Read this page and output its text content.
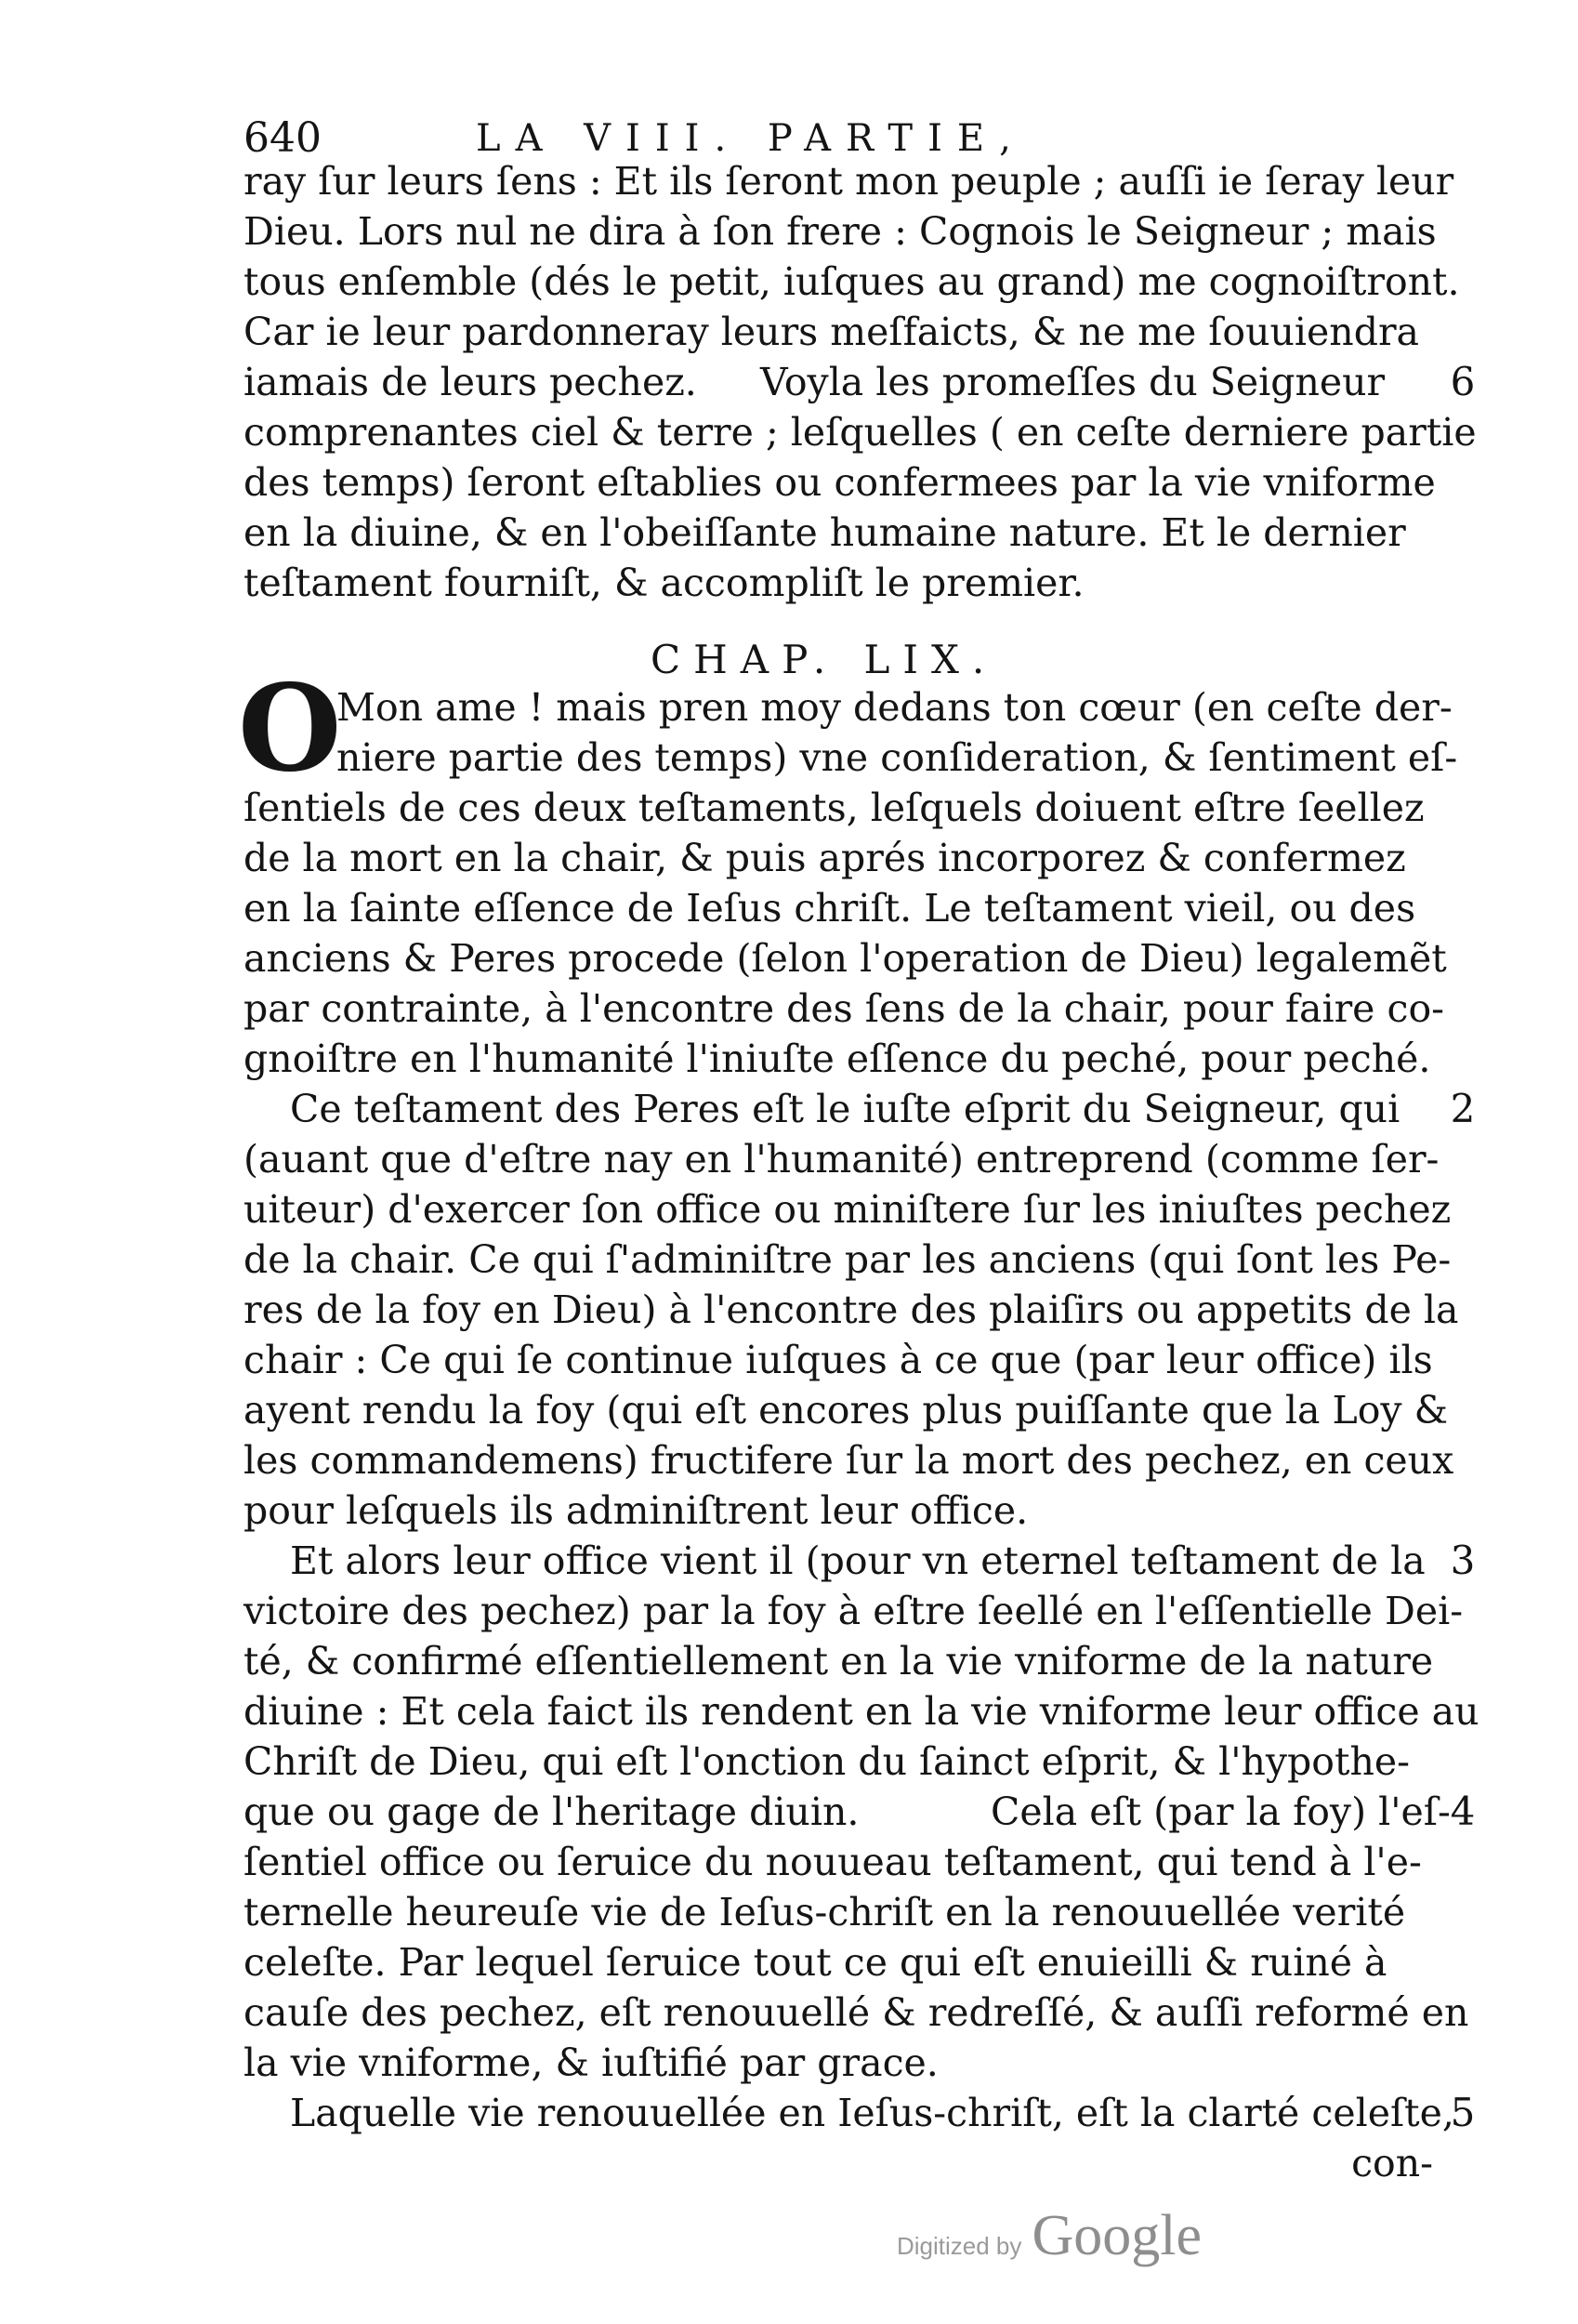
640	LA VIII. PARTIE,
ray ſur leurs ſens : Et ils ſeront mon peuple ; auſſi ie ſeray leur
Dieu. Lors nul ne dira à ſon frere : Cognois le Seigneur ; mais
tous enſemble (dés le petit, iuſques au grand) me cognoiſtront.
Car ie leur pardonneray leurs meſfaicts, & ne me ſouuiendra
iamais de leurs pechez. Voyla les promeſſes du Seigneur	6
comprenantes ciel & terre ; leſquelles ( en ceſte derniere partie
des temps) ſeront eſtablies ou confermees par la vie vniforme
en la diuine, & en l'obeiſſante humaine nature. Et le dernier
teſtament fourniſt, & accompliſt le premier.
CHAP. LIX.
O
Mon ame ! mais pren moy dedans ton cœur (en ceſte der-
niere partie des temps) vne conſideration, & ſentiment eſ-
ſentiels de ces deux teſtaments, leſquels doiuent eſtre ſeellez
de la mort en la chair, & puis aprés incorporez & confermez
en la ſainte eſſence de Ieſus chriſt. Le teſtament vieil, ou des
anciens & Peres procede (ſelon l'operation de Dieu) legalemẽt
par contrainte, à l'encontre des ſens de la chair, pour faire co-
gnoiſtre en l'humanité l'iniuſte eſſence du peché, pour peché.
Ce teſtament des Peres eſt le iuſte eſprit du Seigneur, qui	2
(auant que d'eſtre nay en l'humanité) entreprend (comme ſer-
uiteur) d'exercer ſon office ou miniſtere ſur les iniuſtes pechez
de la chair. Ce qui ſ'adminiſtre par les anciens (qui ſont les Pe-
res de la foy en Dieu) à l'encontre des plaiſirs ou appetits de la
chair : Ce qui ſe continue iuſques à ce que (par leur office) ils
ayent rendu la foy (qui eſt encores plus puiſſante que la Loy &
les commandemens) fructifere ſur la mort des pechez, en ceux
pour leſquels ils adminiſtrent leur office.
Et alors leur office vient il (pour vn eternel teſtament de la 3
victoire des pechez) par la foy à eſtre ſeellé en l'eſſentielle Dei-
té, & confirmé eſſentiellement en la vie vniforme de la nature
diuine : Et cela faict ils rendent en la vie vniforme leur office au
Chriſt de Dieu, qui eſt l'onction du ſainct eſprit, & l'hypothe-
que ou gage de l'heritage diuin.	Cela eſt (par la foy) l'eſ- 4
ſentiel office ou ſeruice du nouueau teſtament, qui tend à l'e-
ternelle heureuſe vie de Ieſus-chriſt en la renouuellée verité
celeſte. Par lequel ſeruice tout ce qui eſt enuieilli & ruiné à
cauſe des pechez, eſt renouuellé & redreſſé, & auſſi reformé en
la vie vniforme, & iuſtifié par grace.
Laquelle vie renouuellée en Ieſus-chriſt, eſt la clarté celeſte,
5
con-
Digitized by Google
